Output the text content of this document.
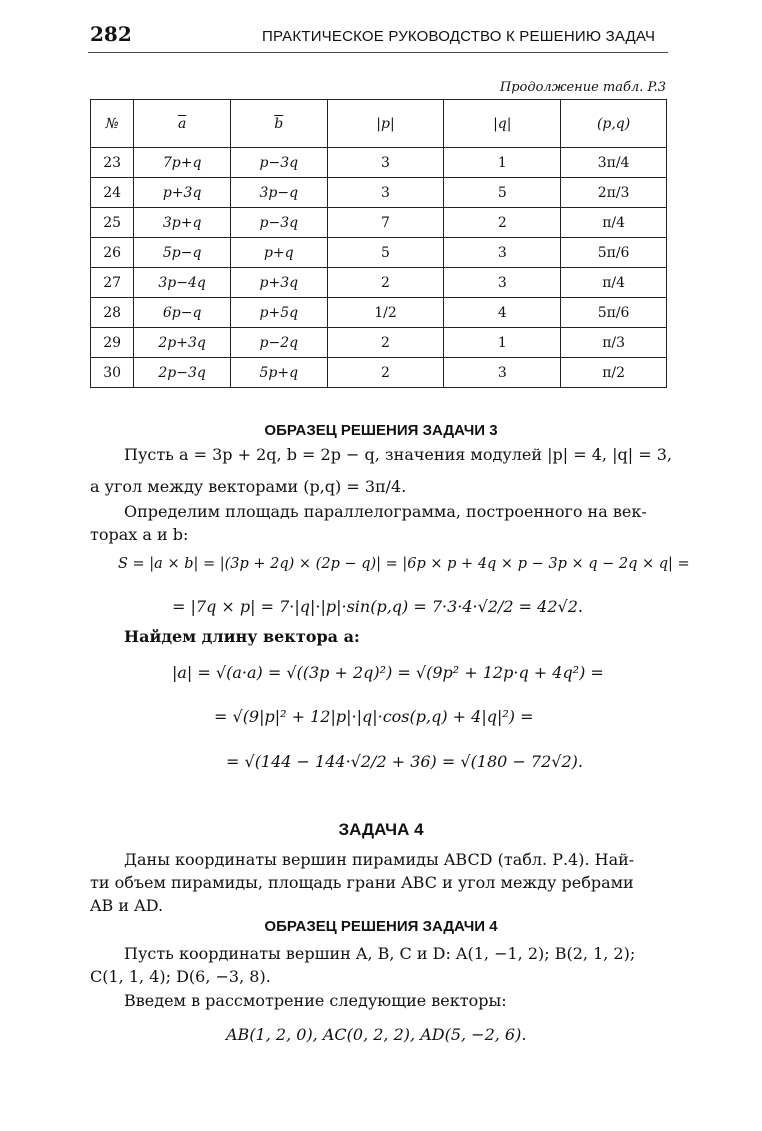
282	ПРАКТИЧЕСКОЕ РУКОВОДСТВО К РЕШЕНИЮ ЗАДАЧ
Продолжение табл. P.3
№	$\overline{a}$	$\overline{b}$	|p|	|q|	(p,q)
23	7p+q	p−3q	3	1	3π/4
24	p+3q	3p−q	3	5	2π/3
25	3p+q	p−3q	7	2	π/4
26	5p−q	p+q	5	3	5π/6
27	3p−4q	p+3q	2	3	π/4
28	6p−q	p+5q	1/2	4	5π/6
29	2p+3q	p−2q	2	1	π/3
30	2p−3q	5p+q	2	3	π/2
ОБРАЗЕЦ РЕШЕНИЯ ЗАДАЧИ 3
Пусть a = 3p + 2q, b = 2p − q, значения модулей |p| = 4, |q| = 3,
а угол между векторами (p,q) = 3π/4.
Определим площадь параллелограмма, построенного на век-
торах a и b:
S = |a × b| = |(3p + 2q) × (2p − q)| = |6p × p + 4q × p − 3p × q − 2q × q| =
= |7q × p| = 7·|q|·|p|·sin(p,q) = 7·3·4·√2/2 = 42√2.
Найдем длину вектора a:
|a| = √(a·a) = √((3p + 2q)²) = √(9p² + 12p·q + 4q²) =
= √(9|p|² + 12|p|·|q|·cos(p,q) + 4|q|²) =
= √(144 − 144·√2/2 + 36) = √(180 − 72√2).
ЗАДАЧА 4
Даны координаты вершин пирамиды ABCD (табл. Р.4). Най-
ти объем пирамиды, площадь грани ABC и угол между ребрами
AB и AD.
ОБРАЗЕЦ РЕШЕНИЯ ЗАДАЧИ 4
Пусть координаты вершин A, B, C и D: A(1, −1, 2); B(2, 1, 2);
C(1, 1, 4); D(6, −3, 8).
Введем в рассмотрение следующие векторы:
AB(1, 2, 0), AC(0, 2, 2), AD(5, −2, 6).
